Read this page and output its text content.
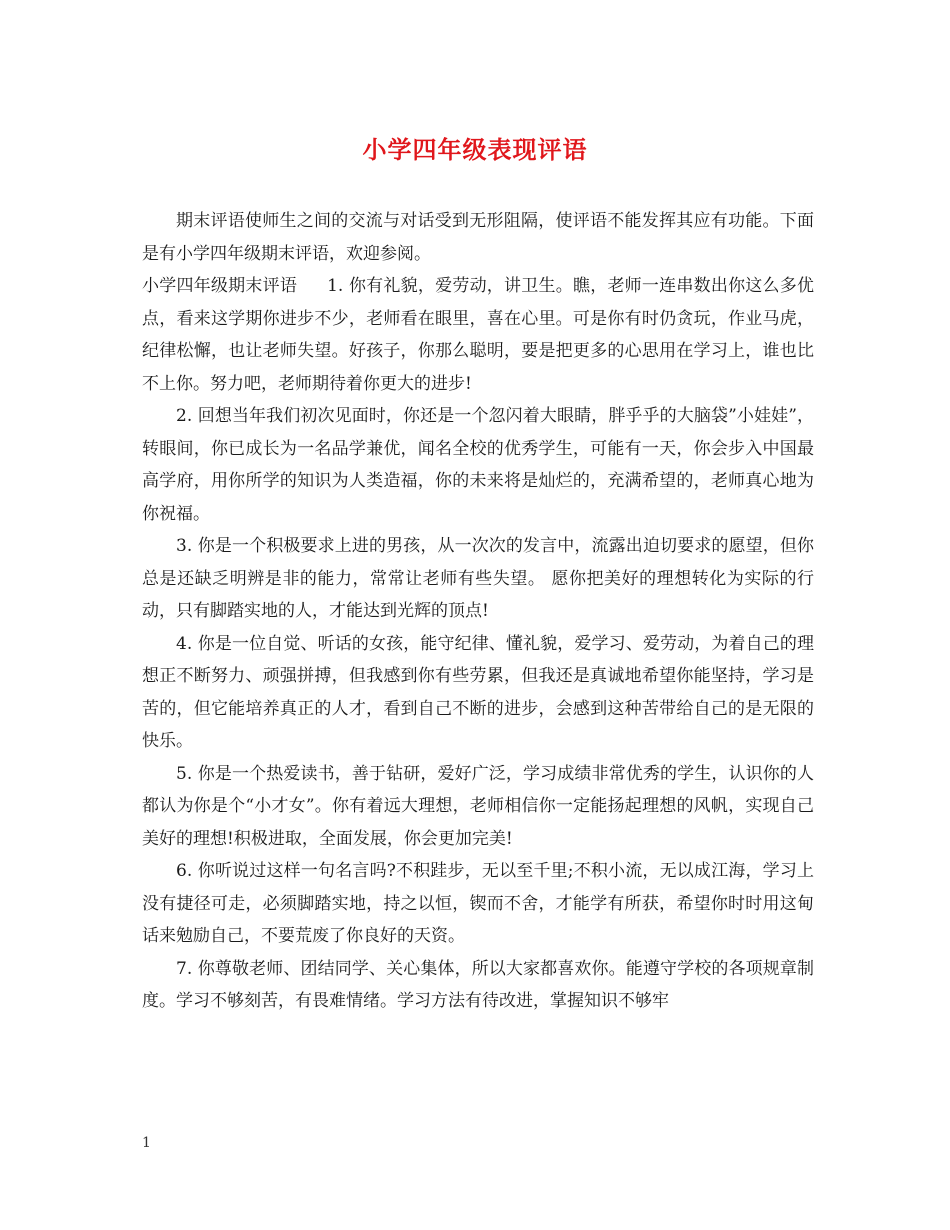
小学四年级表现评语

期末评语使师生之间的交流与对话受到无形阻隔，使评语不能发挥其应有功能。下面是有小学四年级期末评语，欢迎参阅。

小学四年级期末评语 1. 你有礼貌，爱劳动，讲卫生。瞧，老师一连串数出你这么多优点，看来这学期你进步不少，老师看在眼里，喜在心里。可是你有时仍贪玩，作业马虎，纪律松懈，也让老师失望。好孩子，你那么聪明，要是把更多的心思用在学习上，谁也比不上你。努力吧，老师期待着你更大的进步!

2. 回想当年我们初次见面时，你还是一个忽闪着大眼睛，胖乎乎的大脑袋”小娃娃”，转眼间，你已成长为一名品学兼优，闻名全校的优秀学生，可能有一天，你会步入中国最高学府，用你所学的知识为人类造福，你的未来将是灿烂的，充满希望的，老师真心地为你祝福。

3. 你是一个积极要求上进的男孩，从一次次的发言中，流露出迫切要求的愿望，但你总是还缺乏明辨是非的能力，常常让老师有些失望。 愿你把美好的理想转化为实际的行动，只有脚踏实地的人，才能达到光辉的顶点!

4. 你是一位自觉、听话的女孩，能守纪律、懂礼貌，爱学习、爱劳动，为着自己的理想正不断努力、顽强拼搏，但我感到你有些劳累，但我还是真诚地希望你能坚持，学习是苦的，但它能培养真正的人才，看到自己不断的进步，会感到这种苦带给自己的是无限的快乐。

5. 你是一个热爱读书，善于钻研，爱好广泛，学习成绩非常优秀的学生，认识你的人都认为你是个“小才女”。你有着远大理想，老师相信你一定能扬起理想的风帆，实现自己美好的理想!积极进取，全面发展，你会更加完美!

6. 你听说过这样一句名言吗?不积跬步，无以至千里;不积小流，无以成江海，学习上没有捷径可走，必须脚踏实地，持之以恒，锲而不舍，才能学有所获，希望你时时用这甸话来勉励自己，不要荒废了你良好的天资。

7. 你尊敬老师、团结同学、关心集体，所以大家都喜欢你。能遵守学校的各项规章制度。学习不够刻苦，有畏难情绪。学习方法有待改进，掌握知识不够牢

1
